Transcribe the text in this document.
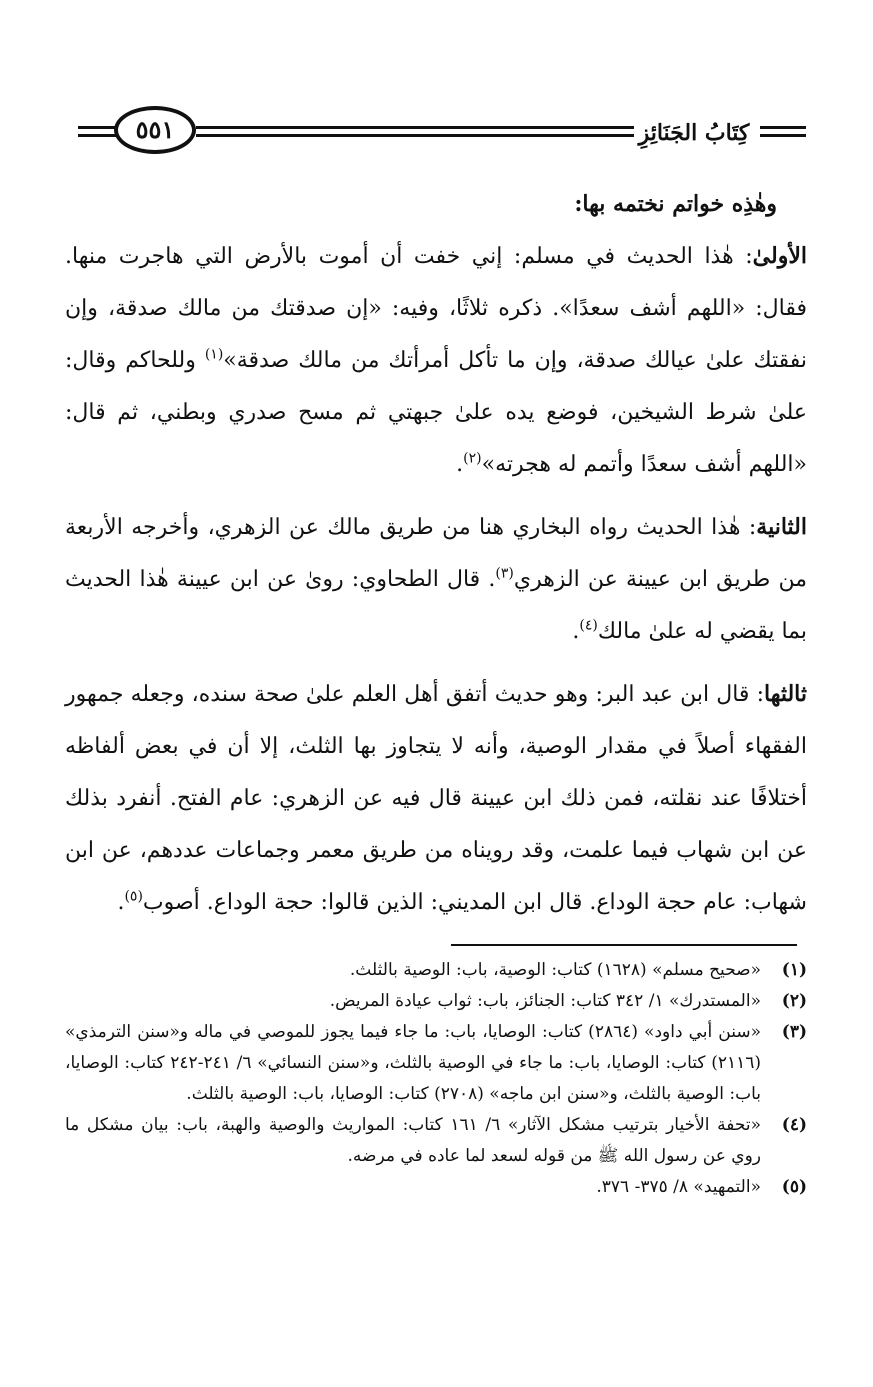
كِتَابُ الجَنَائِزِ
٥٥١

وهٰذِه خواتم نختمه بها:

الأولىٰ: هٰذا الحديث في مسلم: إني خفت أن أموت بالأرض التي هاجرت منها. فقال: «اللهم أشف سعدًا». ذكره ثلاثًا، وفيه: «إن صدقتك من مالك صدقة، وإن نفقتك علىٰ عيالك صدقة، وإن ما تأكل أمرأتك من مالك صدقة»$^{(١)}$ وللحاكم وقال: علىٰ شرط الشيخين، فوضع يده علىٰ جبهتي ثم مسح صدري وبطني، ثم قال: «اللهم أشف سعدًا وأتمم له هجرته»$^{(٢)}$.

الثانية: هٰذا الحديث رواه البخاري هنا من طريق مالك عن الزهري، وأخرجه الأربعة من طريق ابن عيينة عن الزهري$^{(٣)}$. قال الطحاوي: روىٰ عن ابن عيينة هٰذا الحديث بما يقضي له علىٰ مالك$^{(٤)}$.

ثالثها: قال ابن عبد البر: وهو حديث أتفق أهل العلم علىٰ صحة سنده، وجعله جمهور الفقهاء أصلاً في مقدار الوصية، وأنه لا يتجاوز بها الثلث، إلا أن في بعض ألفاظه أختلافًا عند نقلته، فمن ذلك ابن عيينة قال فيه عن الزهري: عام الفتح. أنفرد بذلك عن ابن شهاب فيما علمت، وقد رويناه من طريق معمر وجماعات عددهم، عن ابن شهاب: عام حجة الوداع. قال ابن المديني: الذين قالوا: حجة الوداع. أصوب$^{(٥)}$.

(١)
«صحيح مسلم» (١٦٢٨) كتاب: الوصية، باب: الوصية بالثلث.
(٢)
«المستدرك» ١/ ٣٤٢ كتاب: الجنائز، باب: ثواب عيادة المريض.
(٣)
«سنن أبي داود» (٢٨٦٤) كتاب: الوصايا، باب: ما جاء فيما يجوز للموصي في ماله و«سنن الترمذي» (٢١١٦) كتاب: الوصايا، باب: ما جاء في الوصية بالثلث، و«سنن النسائي» ٦/ ٢٤١-٢٤٢ كتاب: الوصايا، باب: الوصية بالثلث، و«سنن ابن ماجه» (٢٧٠٨) كتاب: الوصايا، باب: الوصية بالثلث.
(٤)
«تحفة الأخيار بترتيب مشكل الآثار» ٦/ ١٦١ كتاب: المواريث والوصية والهبة، باب: بيان مشكل ما روي عن رسول الله ﷺ من قوله لسعد لما عاده في مرضه.
(٥)
«التمهيد» ٨/ ٣٧٥- ٣٧٦.
